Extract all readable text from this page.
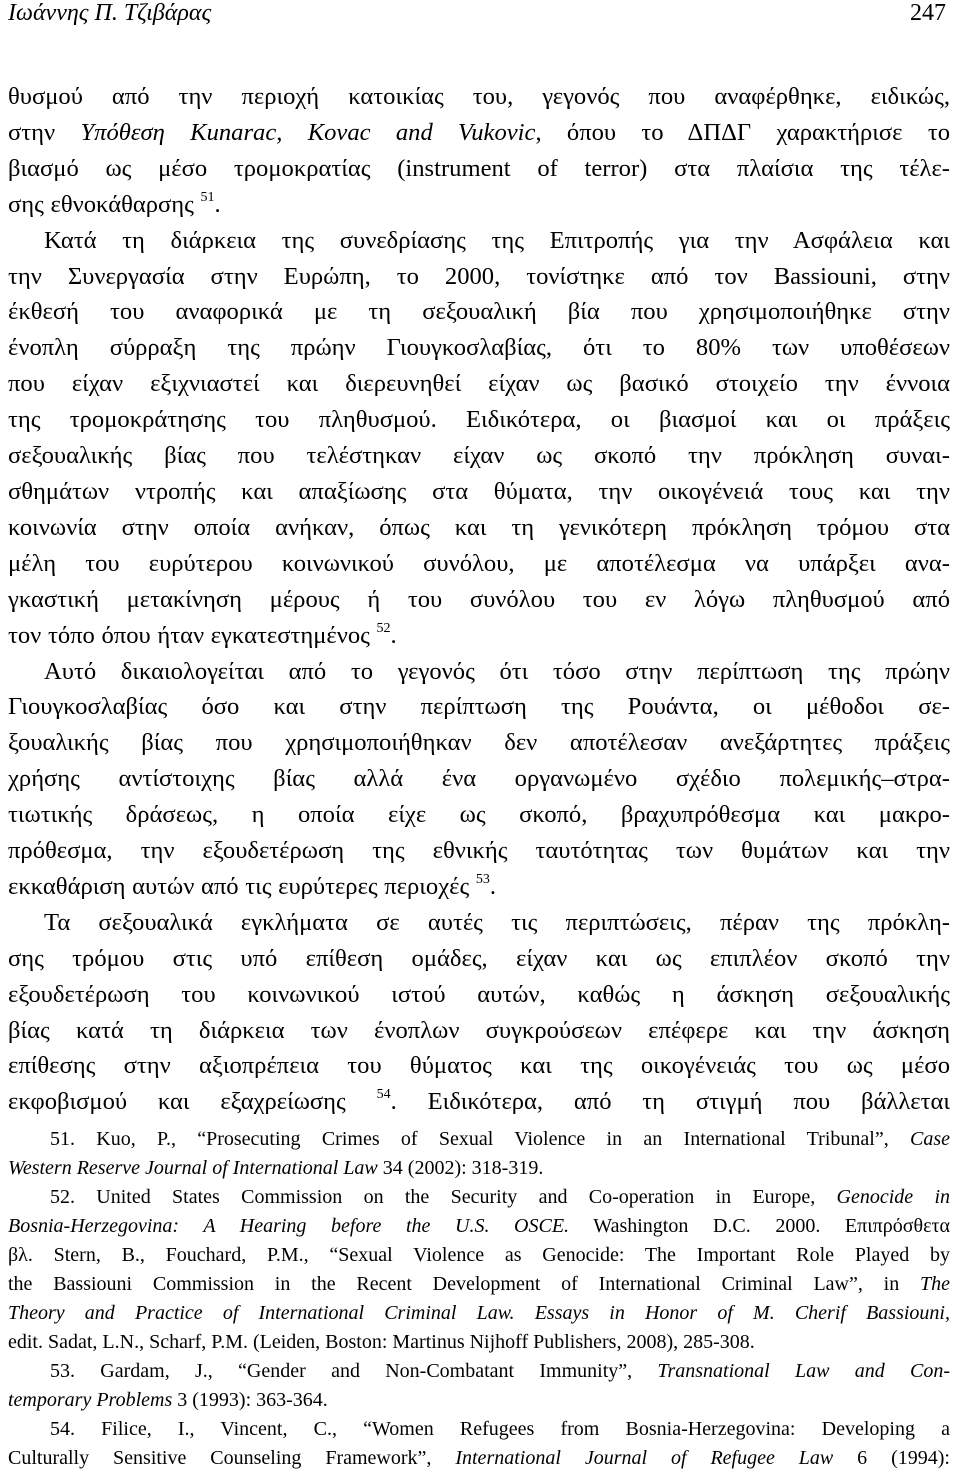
Ιωάννης Π. Τζιβάρας	247
θυσμού από την περιοχή κατοικίας του, γεγονός που αναφέρθηκε, ειδικώς,
στην Υπόθεση Kunarac, Kovac and Vukovic, όπου το ΔΠΔΓ χαρακτήρισε το
βιασμό ως μέσο τρομοκρατίας (instrument of terror) στα πλαίσια της τέλε-
σης εθνοκάθαρσης $^{51}$.
Κατά τη διάρκεια της συνεδρίασης της Επιτροπής για την Ασφάλεια και
την Συνεργασία στην Ευρώπη, το 2000, τονίστηκε από τον Bassiouni, στην
έκθεσή του αναφορικά με τη σεξουαλική βία που χρησιμοποιήθηκε στην
ένοπλη σύρραξη της πρώην Γιουγκοσλαβίας, ότι το 80% των υποθέσεων
που είχαν εξιχνιαστεί και διερευνηθεί είχαν ως βασικό στοιχείο την έννοια
της τρομοκράτησης του πληθυσμού. Ειδικότερα, οι βιασμοί και οι πράξεις
σεξουαλικής βίας που τελέστηκαν είχαν ως σκοπό την πρόκληση συναι-
σθημάτων ντροπής και απαξίωσης στα θύματα, την οικογένειά τους και την
κοινωνία στην οποία ανήκαν, όπως και τη γενικότερη πρόκληση τρόμου στα
μέλη του ευρύτερου κοινωνικού συνόλου, με αποτέλεσμα να υπάρξει ανα-
γκαστική μετακίνηση μέρους ή του συνόλου του εν λόγω πληθυσμού από
τον τόπο όπου ήταν εγκατεστημένος $^{52}$.
Αυτό δικαιολογείται από το γεγονός ότι τόσο στην περίπτωση της πρώην
Γιουγκοσλαβίας όσο και στην περίπτωση της Ρουάντα, οι μέθοδοι σε-
ξουαλικής βίας που χρησιμοποιήθηκαν δεν αποτέλεσαν ανεξάρτητες πράξεις
χρήσης αντίστοιχης βίας αλλά ένα οργανωμένο σχέδιο πολεμικής–στρα-
τιωτικής δράσεως, η οποία είχε ως σκοπό, βραχυπρόθεσμα και μακρο-
πρόθεσμα, την εξουδετέρωση της εθνικής ταυτότητας των θυμάτων και την
εκκαθάριση αυτών από τις ευρύτερες περιοχές $^{53}$.
Τα σεξουαλικά εγκλήματα σε αυτές τις περιπτώσεις, πέραν της πρόκλη-
σης τρόμου στις υπό επίθεση ομάδες, είχαν και ως επιπλέον σκοπό την
εξουδετέρωση του κοινωνικού ιστού αυτών, καθώς η άσκηση σεξουαλικής
βίας κατά τη διάρκεια των ένοπλων συγκρούσεων επέφερε και την άσκηση
επίθεσης στην αξιοπρέπεια του θύματος και της οικογένειάς του ως μέσο
εκφοβισμού και εξαχρείωσης $^{54}$. Ειδικότερα, από τη στιγμή που βάλλεται
51. Kuo, P., “Prosecuting Crimes of Sexual Violence in an International Tribunal”, Case
Western Reserve Journal of International Law 34 (2002): 318-319.
52. United States Commission on the Security and Co-operation in Europe, Genocide in
Bosnia-Herzegovina: A Hearing before the U.S. OSCE. Washington D.C. 2000. Επιπρόσθετα
βλ. Stern, B., Fouchard, P.M., “Sexual Violence as Genocide: The Important Role Played by
the Bassiouni Commission in the Recent Development of International Criminal Law”, in The
Theory and Practice of International Criminal Law. Essays in Honor of M. Cherif Bassiouni,
edit. Sadat, L.N., Scharf, P.M. (Leiden, Boston: Martinus Nijhoff Publishers, 2008), 285-308.
53. Gardam, J., “Gender and Non-Combatant Immunity”, Transnational Law and Con-
temporary Problems 3 (1993): 363-364.
54. Filice, I., Vincent, C., “Women Refugees from Bosnia-Herzegovina: Developing a
Culturally Sensitive Counseling Framework”, International Journal of Refugee Law 6 (1994):
